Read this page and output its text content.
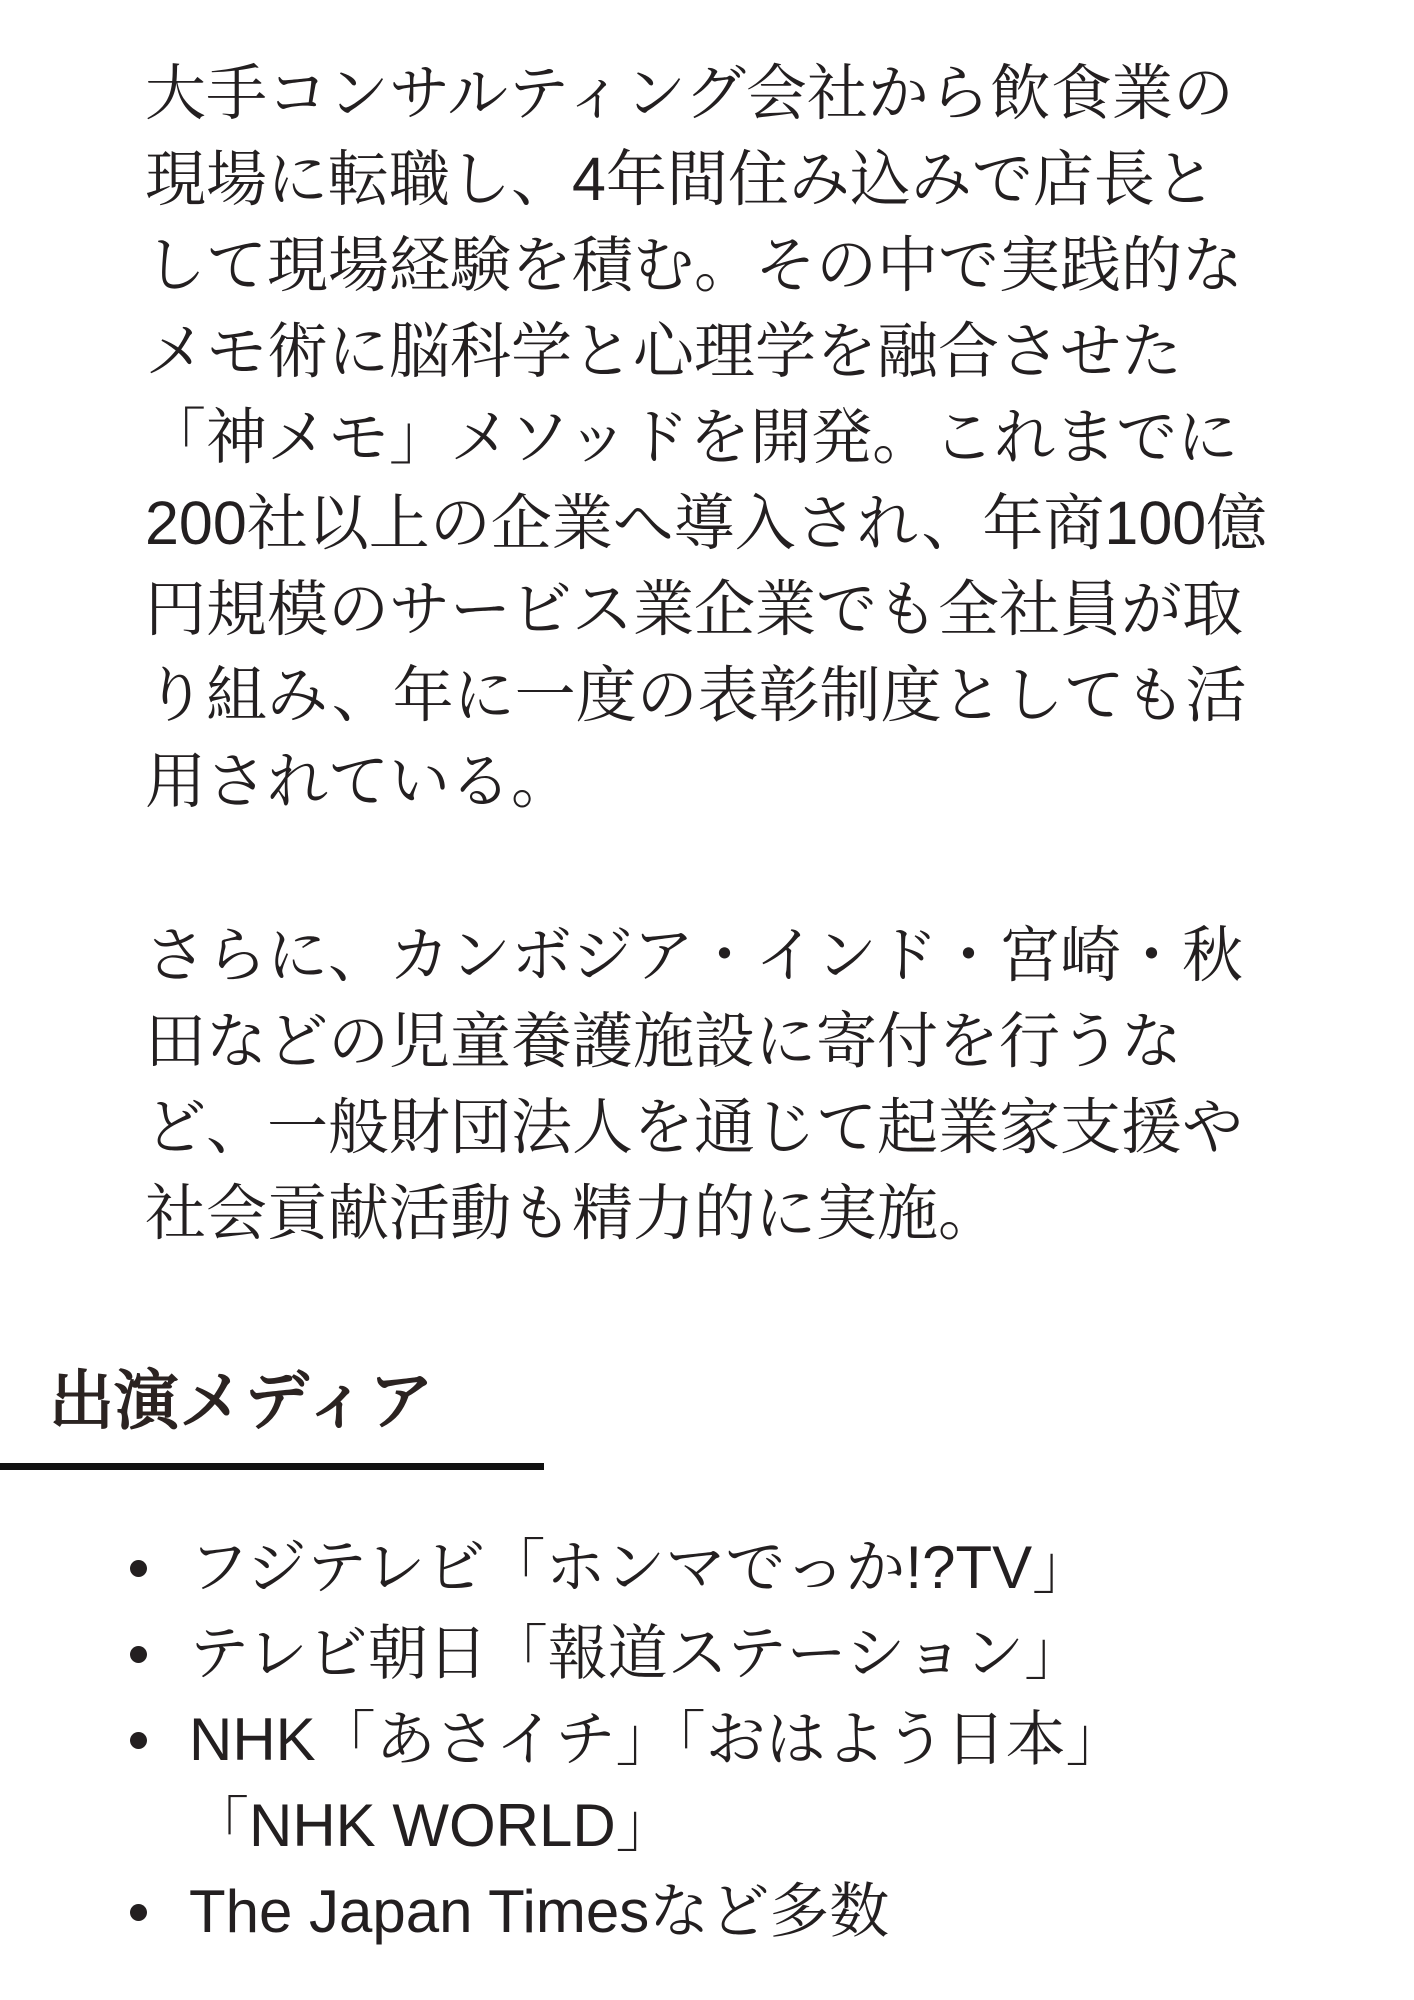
大手コンサルティング会社から飲食業の
現場に転職し、4年間住み込みで店長と
して現場経験を積む。その中で実践的な
メモ術に脳科学と心理学を融合させた
「神メモ」メソッドを開発。これまでに
200社以上の企業へ導入され、年商100億
円規模のサービス業企業でも全社員が取
り組み、年に一度の表彰制度としても活
用されている。

さらに、カンボジア・インド・宮崎・秋
田などの児童養護施設に寄付を行うな
ど、一般財団法人を通じて起業家支援や
社会貢献活動も精力的に実施。

出演メディア
フジテレビ「ホンマでっか!?TV」
テレビ朝日「報道ステーション」
NHK「あさイチ」「おはよう日本」
「NHK WORLD」
The Japan Timesなど多数
